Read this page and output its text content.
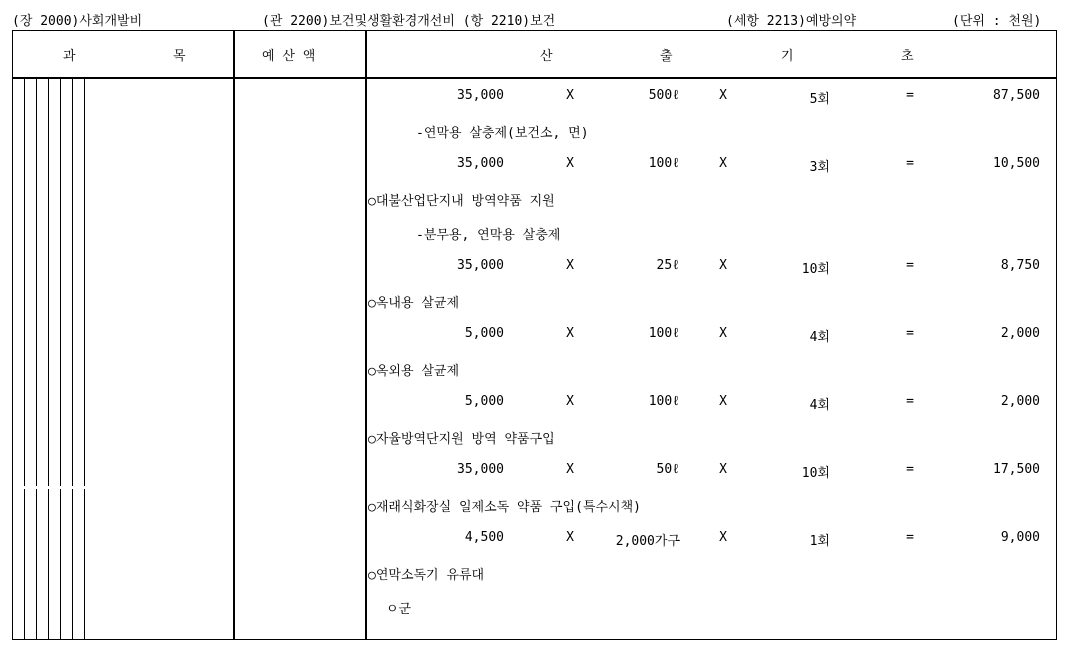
(장 2000)사회개발비	(관 2200)보건및생활환경개선비 (항 2210)보건	(세항 2213)예방의약	(단위 : 천원)
과	목	예 산 액	산	출	기	초
35,000	X	500ℓ	X	5회	=	87,500
-연막용 살충제(보건소, 면)
35,000	X	100ℓ	X	3회	=	10,500
○대불산업단지내 방역약품 지원
-분무용, 연막용 살충제
35,000	X	25ℓ	X	10회	=	8,750
○옥내용 살균제
5,000	X	100ℓ	X	4회	=	2,000
○옥외용 살균제
5,000	X	100ℓ	X	4회	=	2,000
○자율방역단지원 방역 약품구입
35,000	X	50ℓ	X	10회	=	17,500
○재래식화장실 일제소독 약품 구입(특수시책)
4,500	X	2,000가구	X	1회	=	9,000
○연막소독기 유류대
ㅇ군
